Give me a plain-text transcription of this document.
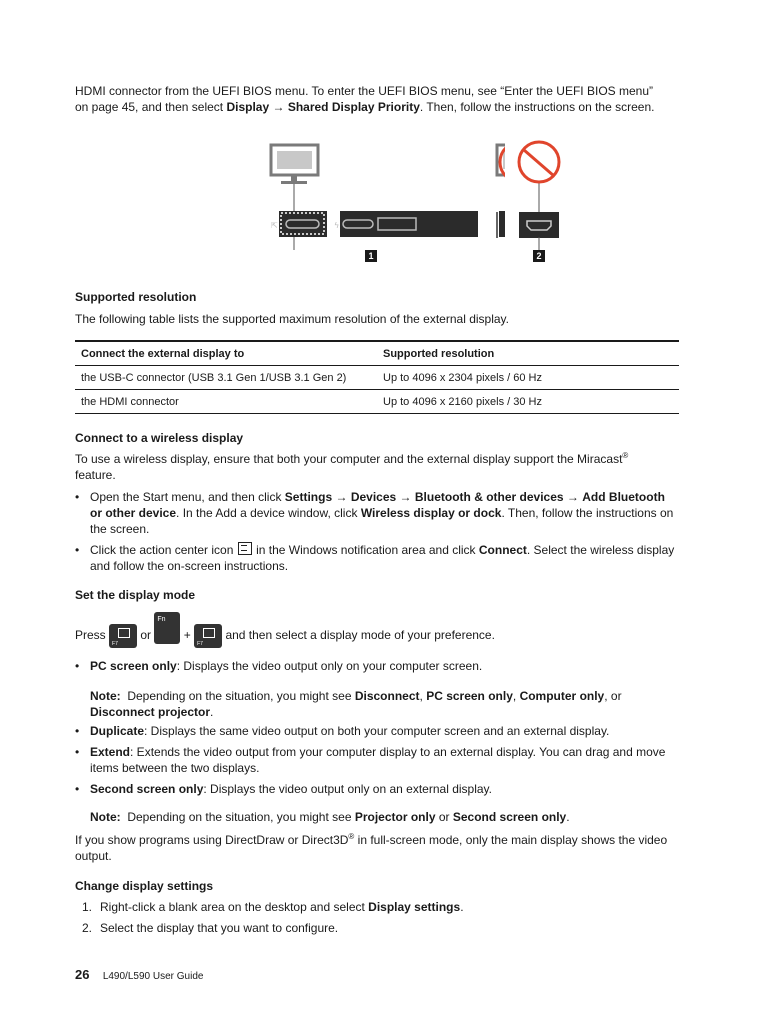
HDMI connector from the UEFI BIOS menu. To enter the UEFI BIOS menu, see “Enter the UEFI BIOS menu”
on page 45, and then select Display → Shared Display Priority. Then, follow the instructions on the screen.
⇱	ϟ
1	2
Supported resolution
The following table lists the supported maximum resolution of the external display.
Connect the external display to	Supported resolution
the USB-C connector (USB 3.1 Gen 1/USB 3.1 Gen 2)	Up to 4096 x 2304 pixels / 60 Hz
the HDMI connector	Up to 4096 x 2160 pixels / 30 Hz
Connect to a wireless display
To use a wireless display, ensure that both your computer and the external display support the Miracast®
feature.
• Open the Start menu, and then click Settings → Devices → Bluetooth & other devices → Add Bluetooth or other device. In the Add a device window, click Wireless display or dock. Then, follow the instructions on the screen.
• Click the action center icon  in the Windows notification area and click Connect. Select the wireless display and follow the on-screen instructions.
Set the display mode
Press
F7
or
Fn
+
F7
and then select a display mode of your preference.
• PC screen only: Displays the video output only on your computer screen.
Note: Depending on the situation, you might see Disconnect, PC screen only, Computer only, or
Disconnect projector.
• Duplicate: Displays the same video output on both your computer screen and an external display.
• Extend: Extends the video output from your computer display to an external display. You can drag and move items between the two displays.
• Second screen only: Displays the video output only on an external display.
Note: Depending on the situation, you might see Projector only or Second screen only.
If you show programs using DirectDraw or Direct3D® in full-screen mode, only the main display shows the video output.
Change display settings
1. Right-click a blank area on the desktop and select Display settings.
2. Select the display that you want to configure.
26 L490/L590 User Guide
